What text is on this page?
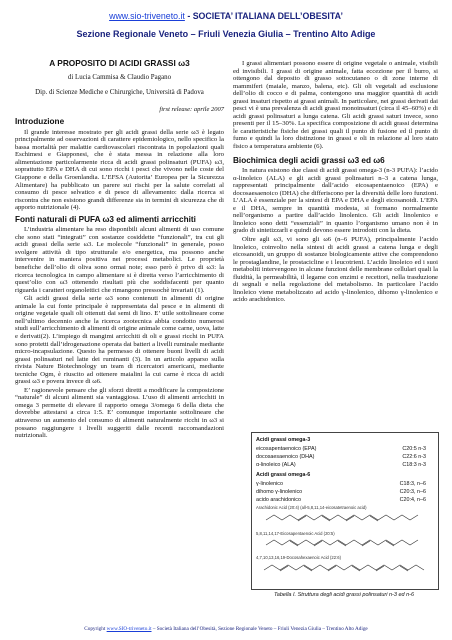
www.sio-triveneto.it - SOCIETA’ ITALIANA DELL’OBESITA’
Sezione Regionale Veneto – Friuli Venezia Giulia – Trentino Alto Adige
A PROPOSITO DI ACIDI GRASSI ω3
di Lucia Cammisa & Claudio Pagano
Dip. di Scienze Mediche e Chirurgiche, Università di Padova
first release: aprile 2007
Introduzione

Il grande interesse mostrato per gli acidi grassi della serie ω3 è legato principalmente ad osservazioni di carattere epidemiologico, nello specifico la bassa mortalità per malattie cardiovascolari riscontrata in popolazioni quali Eschimesi e Giapponesi, che è stata messa in relazione alla loro alimentazione particolarmente ricca di acidi grassi polinsaturi (PUFA) ω3, soprattutto EPA e DHA di cui sono ricchi i pesci che vivono nelle coste del Giappone e della Groenlandia. L’EFSA (Autorita’ Europea per la Sicurezza Alimentare) ha pubblicato un parere sui rischi per la salute correlati al consumo di pesce selvatico e di pesce di allevamento: dalla ricerca si riscontra che non esistono grandi differenze sia in termini di sicurezza che di apporto nutrizionale (4).

Fonti naturali di PUFA ω3 ed alimenti arricchiti

L’industria alimentare ha reso disponibili alcuni alimenti di uso comune che sono stati “integrati” con sostanze cosiddette “funzionali”, tra cui gli acidi grassi della serie ω3. Le molecole “funzionali” in generale, posso svolgere attività di tipo strutturale e/o energetica, ma possono anche intervenire in maniera positiva nei processi metabolici. Le proprietà benefiche dell’olio di oliva sono ormai note; esso però è privo di ω3: la ricerca tecnologica in campo alimentare si è diretta verso l’arricchimento di quest’olio con ω3 ottenendo risultati più che soddisfacenti per quanto riguarda i caratteri organolettici che rimangono pressochè invariati (1).

Gli acidi grassi della serie ω3 sono contenuti in alimenti di origine animale la cui fonte principale è rappresentata dal pesce e in alimenti di origine vegetale quali oli ottenuti dai semi di lino. E’ utile sottolineare come nell’ultimo decennio anche la ricerca zootecnica abbia condotto numerosi studi sull’arricchimento di alimenti di origine animale come carne, uova, latte e derivati(2). L’impiego di mangimi arricchiti di oli e grassi ricchi in PUFA sono protetti dall’idrogenazione operata dai batteri a livelli ruminale mediante micro-incapsulazione. Questo ha permesso di ottenere buoni livelli di acidi grassi polinsaturi nel latte dei ruminanti (3). In un articolo apparso sulla rivista Nature Biotechnology un team di ricercatori americani, mediante tecniche Ogm, è riuscito ad ottenere maialini la cui carne è ricca di acidi grassi ω3 e povera invece di ω6.

E’ ragionevole pensare che gli sforzi diretti a modificare la composizione “naturale” di alcuni alimenti sia vantaggiosa. L’uso di alimenti arricchiti in omega 3 permette di elevare il rapporto omega 3/omega 6 della dieta che dovrebbe attestarsi a circa 1:5. E’ comunque importante sottolineare che attraverso un aumento del consumo di alimenti naturalmente ricchi in ω3 si possano raggiungere i livelli suggeriti dalle recenti raccomandazioni nutrizionali.

I grassi alimentari possono essere di origine vegetale o animale, visibili ed invisibili. I grassi di origine animale, fatta eccezione per il burro, si ottengono dal deposito di grasso sottocutaneo o di zone interne di mammiferi (maiale, manzo, balena, etc). Gli oli vegetali ad esclusione dell’olio di cocco e di palma, contengono una maggior quantità di acidi grassi insaturi rispetto ai grassi animali. In particolare, nei grassi derivati dai pesci vi è una prevalenza di acidi grassi monoinsaturi (circa il 45–60%) e di acidi grassi polinsaturi a lunga catena. Gli acidi grassi saturi invece, sono presenti per il 15–30%. La specifica composizione di acidi grassi determina le caratteristiche fisiche dei grassi quali il punto di fusione ed il punto di fumo e quindi la loro distinzione in grassi e oli in relazione al loro stato fisico a temperatura ambiente (6).

Biochimica degli acidi grassi ω3 ed ω6

In natura esistono due classi di acidi grassi omega-3 (n-3 PUFA): l’acido α-linoleico (ALA) e gli acidi grassi polinsaturi n–3 a catena lunga, rappresentati principalmente dall’acido eicosapentaenoico (EPA) e docosaesaenoico (DHA) che differiscono per la diversità delle loro funzioni. L’ALA è essenziale per la sintesi di EPA e DHA e degli eicosanoidi. L’EPA e il DHA, sempre in quantità modesta, si formano normalmente nell’organismo a partire dall’acido linolenico. Gli acidi linolenico e linoleico sono detti “essenziali” in quanto l’organismo umano non è in grado di sintetizzarli e quindi devono essere introdotti con la dieta.

Oltre agli ω3, vi sono gli ω6 (n–6 PUFA), principalmente l’acido linoleico, coinvolto nella sintesi di acidi grassi a catena lunga e degli eicosanoidi, un gruppo di sostanze biologicamente attive che comprendono le prostaglandine, le prostacicline e i leucotrieni. L’acido linoleico ed i suoi metaboliti intervengono in alcune funzioni delle membrane cellulari quali la fluidità, la permeabilità, il legame con enzimi e recettori, nella trasduzione di segnali e nella regolazione del metabolismo. In particolare l’acido linoleico viene metabolizzato ad acido γ-linolenico, dihomo γ-linolenico e acido arachidonico.

Acidi grassi omega-3
eicosapentaenoico (EPA)	C20:5 n-3
docosaesaenoico (DHA)	C22:6 n-3
α-linoleico (ALA)	C18:3 n-3
Acidi grassi omega-6
γ-linolenico	C18:3, n–6
dihomo γ-linolenico	C20:3, n–6
acido arachidonico	C20:4, n–6
Arachidonic Acid (20:4) (all-5,8,11,14-eicosatetraenoic acid)
5,8,11,14,17-Eicosapentaenoic Acid (20:5)
4,7,10,13,16,19-Docosahexaenoic Acid (22:6)
Tabella I. Struttura degli acidi grassi polinsaturi n-3 ed n-6
Copyright www.SIO-triveneto.it – Società Italiana dell’Obesità, Sezione Regionale Veneto – Friuli Venezia Giulia – Trentino Alto Adige
